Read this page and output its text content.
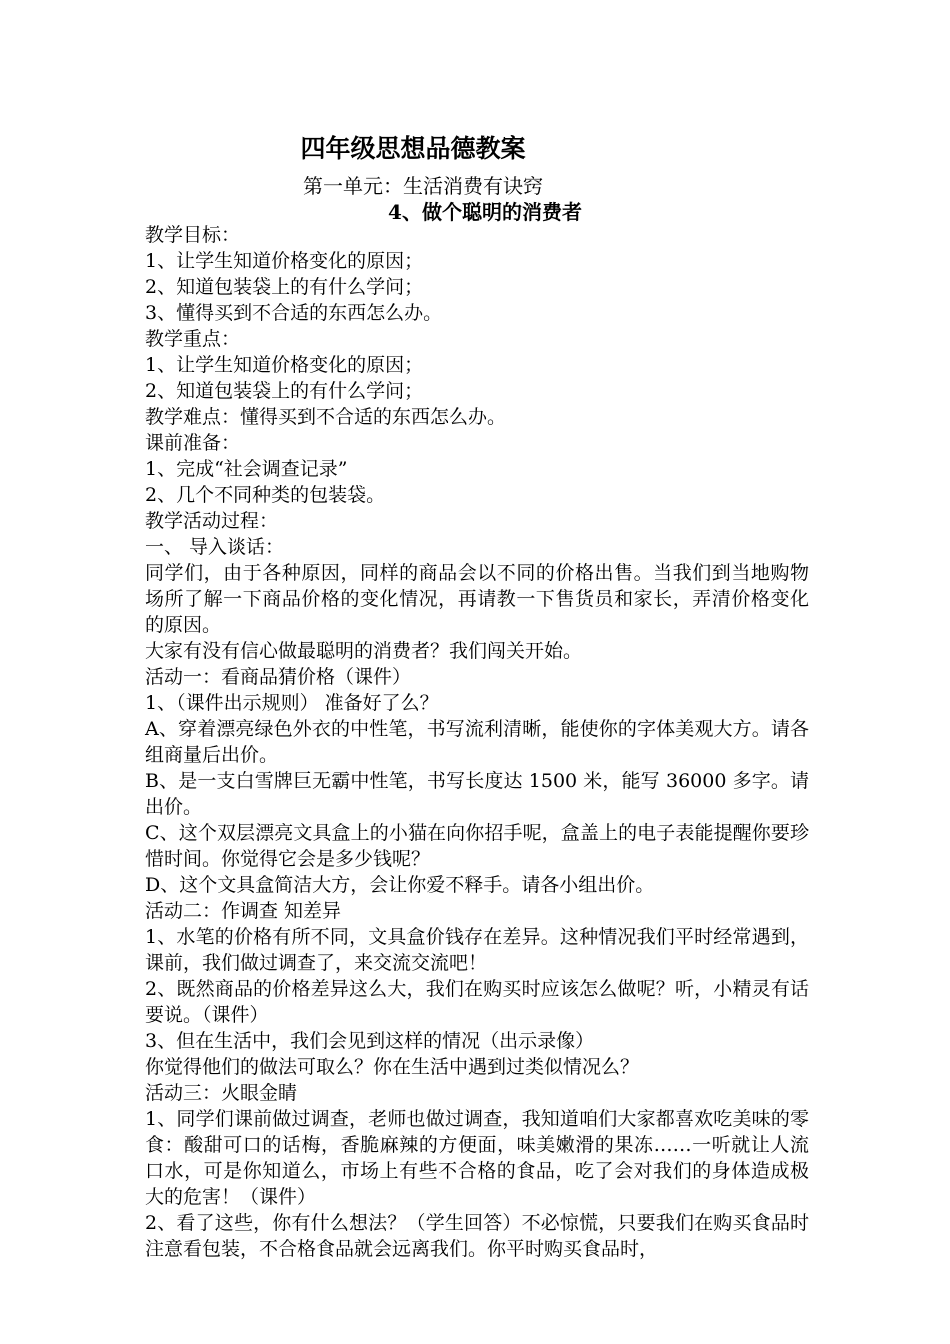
四年级思想品德教案
第一单元：生活消费有诀窍
4、做个聪明的消费者

教学目标：

1、让学生知道价格变化的原因；

2、知道包装袋上的有什么学问；

3、懂得买到不合适的东西怎么办。

教学重点：

1、让学生知道价格变化的原因；

2、知道包装袋上的有什么学问；

教学难点：懂得买到不合适的东西怎么办。

课前准备：

1、完成“社会调查记录”

2、几个不同种类的包装袋。

教学活动过程：

一、 导入谈话：

同学们，由于各种原因，同样的商品会以不同的价格出售。当我们到当地购物场所了解一下商品价格的变化情况，再请教一下售货员和家长，弄清价格变化的原因。

大家有没有信心做最聪明的消费者？我们闯关开始。

活动一：看商品猜价格（课件）

1、（课件出示规则） 准备好了么？

A、穿着漂亮绿色外衣的中性笔，书写流利清晰，能使你的字体美观大方。请各组商量后出价。

B、是一支白雪牌巨无霸中性笔，书写长度达 1500 米，能写 36000 多字。请出价。

C、这个双层漂亮文具盒上的小猫在向你招手呢，盒盖上的电子表能提醒你要珍惜时间。你觉得它会是多少钱呢？

D、这个文具盒简洁大方，会让你爱不释手。请各小组出价。

活动二：作调查 知差异

1、水笔的价格有所不同，文具盒价钱存在差异。这种情况我们平时经常遇到，课前，我们做过调查了，来交流交流吧！

2、既然商品的价格差异这么大，我们在购买时应该怎么做呢？听，小精灵有话要说。（课件）

3、但在生活中，我们会见到这样的情况（出示录像）

你觉得他们的做法可取么？你在生活中遇到过类似情况么？

活动三：火眼金睛

1、同学们课前做过调查，老师也做过调查，我知道咱们大家都喜欢吃美味的零食：酸甜可口的话梅，香脆麻辣的方便面，味美嫩滑的果冻……一听就让人流口水，可是你知道么，市场上有些不合格的食品，吃了会对我们的身体造成极大的危害！（课件）

2、看了这些，你有什么想法？（学生回答）不必惊慌，只要我们在购买食品时注意看包装，不合格食品就会远离我们。你平时购买食品时，
